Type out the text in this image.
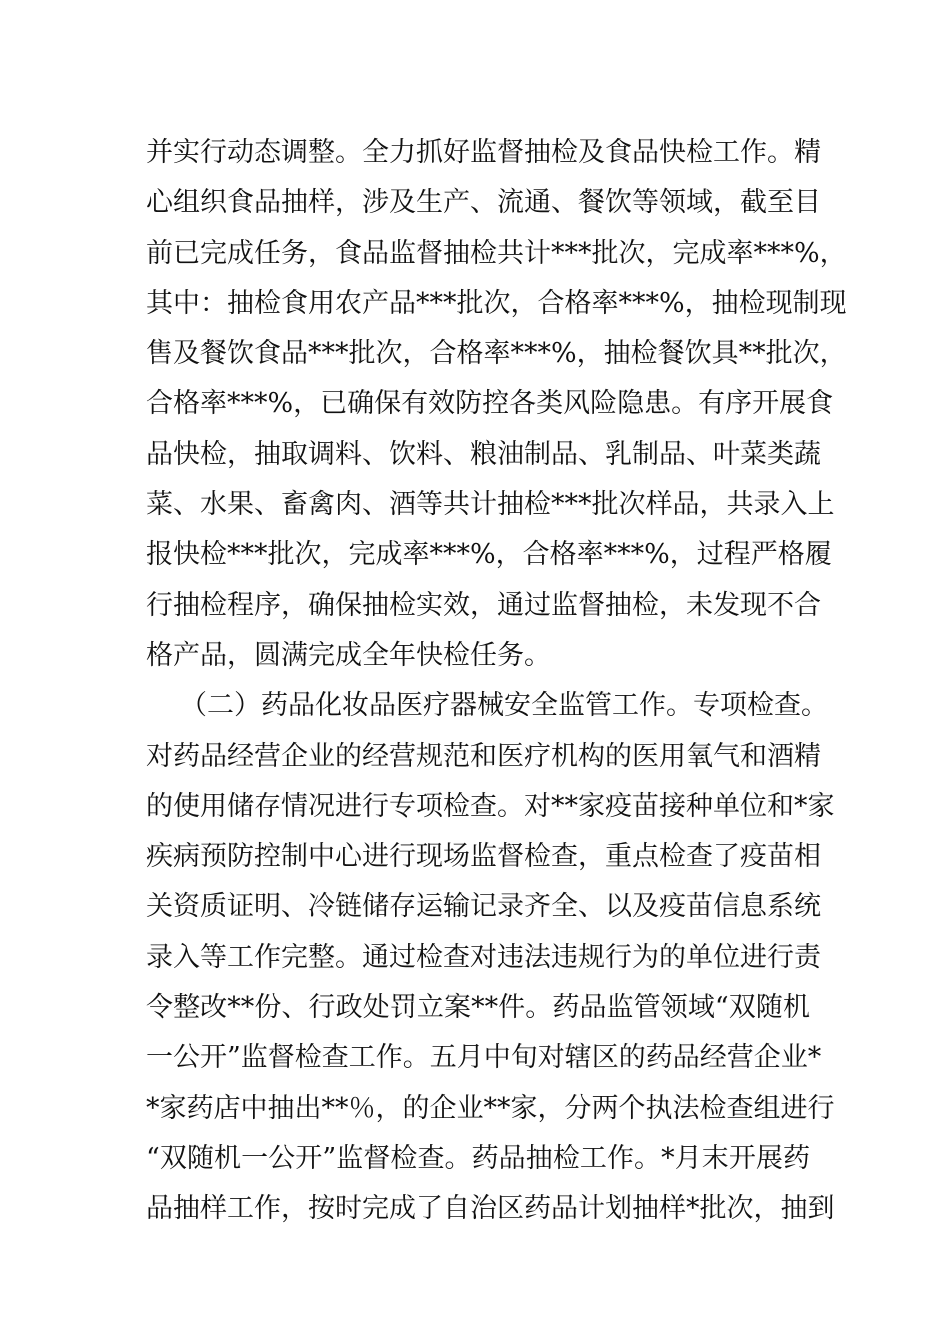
并实行动态调整。全力抓好监督抽检及食品快检工作。精
心组织食品抽样，涉及生产、流通、餐饮等领域，截至目
前已完成任务，食品监督抽检共计***批次，完成率***%，
其中：抽检食用农产品***批次，合格率***%，抽检现制现
售及餐饮食品***批次，合格率***%，抽检餐饮具**批次，
合格率***%，已确保有效防控各类风险隐患。有序开展食
品快检，抽取调料、饮料、粮油制品、乳制品、叶菜类蔬
菜、水果、畜禽肉、酒等共计抽检***批次样品，共录入上
报快检***批次，完成率***%，合格率***%，过程严格履
行抽检程序，确保抽检实效，通过监督抽检，未发现不合
格产品，圆满完成全年快检任务。
（二）药品化妆品医疗器械安全监管工作。专项检查。
对药品经营企业的经营规范和医疗机构的医用氧气和酒精
的使用储存情况进行专项检查。对**家疫苗接种单位和*家
疾病预防控制中心进行现场监督检查，重点检查了疫苗相
关资质证明、冷链储存运输记录齐全、以及疫苗信息系统
录入等工作完整。通过检查对违法违规行为的单位进行责
令整改**份、行政处罚立案**件。药品监管领域“双随机
一公开”监督检查工作。五月中旬对辖区的药品经营企业*
*家药店中抽出**％，的企业**家，分两个执法检查组进行
“双随机一公开”监督检查。药品抽检工作。*月末开展药
品抽样工作，按时完成了自治区药品计划抽样*批次，抽到
